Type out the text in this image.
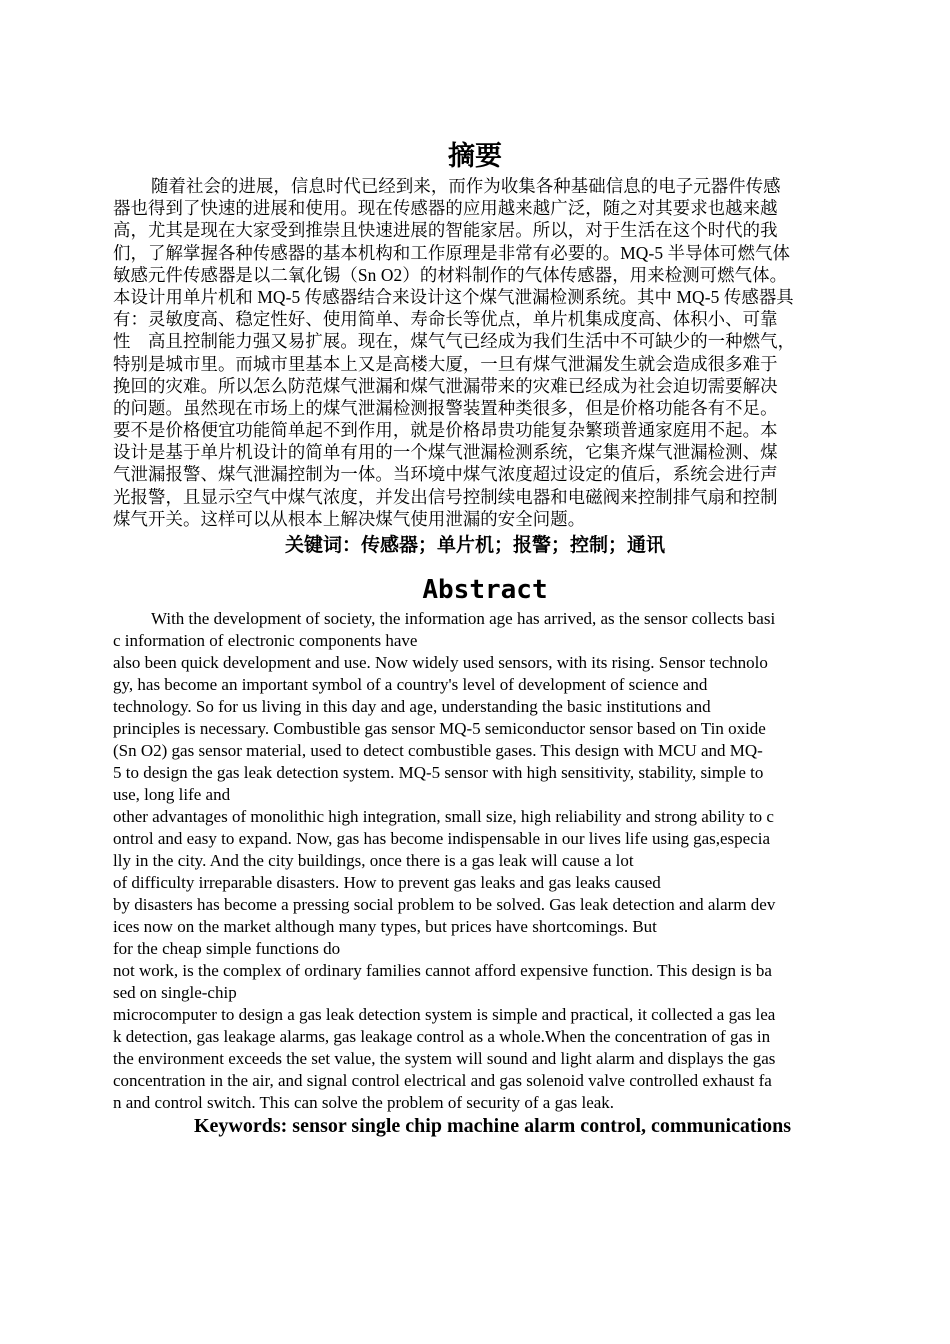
摘要
随着社会的进展，信息时代已经到来，而作为收集各种基础信息的电子元器件传感
器也得到了快速的进展和使用。现在传感器的应用越来越广泛，随之对其要求也越来越
高，尤其是现在大家受到推崇且快速进展的智能家居。所以，对于生活在这个时代的我
们，了解掌握各种传感器的基本机构和工作原理是非常有必要的。MQ-5 半导体可燃气体
敏感元件传感器是以二氧化锡（Sn O2）的材料制作的气体传感器，用来检测可燃气体。
本设计用单片机和 MQ-5 传感器结合来设计这个煤气泄漏检测系统。其中 MQ-5 传感器具
有：灵敏度高、稳定性好、使用简单、寿命长等优点，单片机集成度高、体积小、可靠
性　高且控制能力强又易扩展。现在，煤气气已经成为我们生活中不可缺少的一种燃气，
特别是城市里。而城市里基本上又是高楼大厦，一旦有煤气泄漏发生就会造成很多难于
挽回的灾难。所以怎么防范煤气泄漏和煤气泄漏带来的灾难已经成为社会迫切需要解决
的问题。虽然现在市场上的煤气泄漏检测报警装置种类很多，但是价格功能各有不足。
要不是价格便宜功能简单起不到作用，就是价格昂贵功能复杂繁琐普通家庭用不起。本
设计是基于单片机设计的简单有用的一个煤气泄漏检测系统，它集齐煤气泄漏检测、煤
气泄漏报警、煤气泄漏控制为一体。当环境中煤气浓度超过设定的值后，系统会进行声
光报警，且显示空气中煤气浓度，并发出信号控制续电器和电磁阀来控制排气扇和控制
煤气开关。这样可以从根本上解决煤气使用泄漏的安全问题。
关键词：传感器；单片机；报警；控制；通讯
Abstract
With the development of society, the information age has arrived, as the sensor collects basi
c information of electronic components have
also been quick development and use. Now widely used sensors, with its rising. Sensor technolo
gy, has become an important symbol of a country's level of development of science and
technology. So for us living in this day and age, understanding the basic institutions and
principles is necessary. Combustible gas sensor MQ-5 semiconductor sensor based on Tin oxide
(Sn O2) gas sensor material, used to detect combustible gases. This design with MCU and MQ-
5 to design the gas leak detection system. MQ-5 sensor with high sensitivity, stability, simple to
use, long life and
other advantages of monolithic high integration, small size, high reliability and strong ability to c
ontrol and easy to expand. Now, gas has become indispensable in our lives life using gas,especia
lly in the city. And the city buildings, once there is a gas leak will cause a lot
of difficulty irreparable disasters. How to prevent gas leaks and gas leaks caused
by disasters has become a pressing social problem to be solved. Gas leak detection and alarm dev
ices now on the market although many types, but prices have shortcomings. But
for the cheap simple functions do
not work, is the complex of ordinary families cannot afford expensive function. This design is ba
sed on single-chip
microcomputer to design a gas leak detection system is simple and practical, it collected a gas lea
k detection, gas leakage alarms, gas leakage control as a whole.When the concentration of gas in
the environment exceeds the set value, the system will sound and light alarm and displays the gas
concentration in the air, and signal control electrical and gas solenoid valve controlled exhaust fa
n and control switch. This can solve the problem of security of a gas leak.
Keywords: sensor single chip machine alarm control, communications
